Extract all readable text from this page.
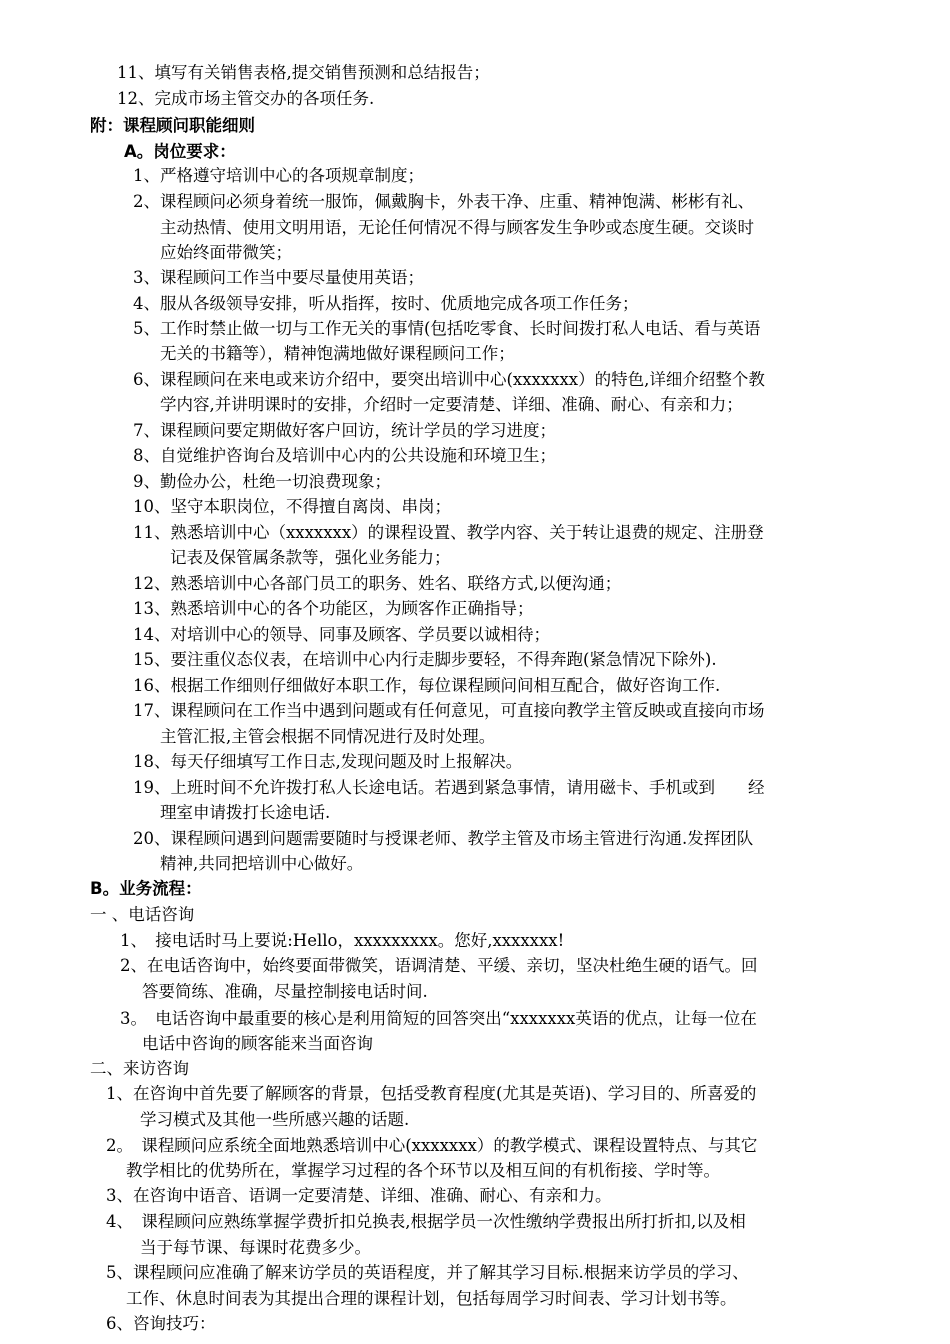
11、填写有关销售表格,提交销售预测和总结报告；
12、完成市场主管交办的各项任务.
附：课程顾问职能细则
A。岗位要求：
1、严格遵守培训中心的各项规章制度；
2、课程顾问必须身着统一服饰，佩戴胸卡，外表干净、庄重、精神饱满、彬彬有礼、
主动热情、使用文明用语，无论任何情况不得与顾客发生争吵或态度生硬。交谈时
应始终面带微笑；
3、课程顾问工作当中要尽量使用英语；
4、服从各级领导安排，听从指挥，按时、优质地完成各项工作任务；
5、工作时禁止做一切与工作无关的事情(包括吃零食、长时间拨打私人电话、看与英语
无关的书籍等），精神饱满地做好课程顾问工作；
6、课程顾问在来电或来访介绍中，要突出培训中心(xxxxxxx）的特色,详细介绍整个教
学内容,并讲明课时的安排，介绍时一定要清楚、详细、准确、耐心、有亲和力；
7、课程顾问要定期做好客户回访，统计学员的学习进度；
8、自觉维护咨询台及培训中心内的公共设施和环境卫生；
9、勤俭办公，杜绝一切浪费现象；
10、坚守本职岗位，不得擅自离岗、串岗；
11、熟悉培训中心（xxxxxxx）的课程设置、教学内容、关于转让退费的规定、注册登
记表及保管属条款等，强化业务能力；
12、熟悉培训中心各部门员工的职务、姓名、联络方式,以便沟通；
13、熟悉培训中心的各个功能区，为顾客作正确指导；
14、对培训中心的领导、同事及顾客、学员要以诚相待；
15、要注重仪态仪表，在培训中心内行走脚步要轻，不得奔跑(紧急情况下除外).
16、根据工作细则仔细做好本职工作，每位课程顾问间相互配合，做好咨询工作.
17、课程顾问在工作当中遇到问题或有任何意见，可直接向教学主管反映或直接向市场
主管汇报,主管会根据不同情况进行及时处理。
18、每天仔细填写工作日志,发现问题及时上报解决。
19、上班时间不允许拨打私人长途电话。若遇到紧急事情，请用磁卡、手机或到　　经
理室申请拨打长途电话.
20、课程顾问遇到问题需要随时与授课老师、教学主管及市场主管进行沟通.发挥团队
精神,共同把培训中心做好。
B。业务流程：
一 、电话咨询
1、　接电话时马上要说:Hello，xxxxxxxxx。您好,xxxxxxx!
2、在电话咨询中，始终要面带微笑，语调清楚、平缓、亲切，坚决杜绝生硬的语气。回
答要简练、准确，尽量控制接电话时间.
3。　电话咨询中最重要的核心是利用简短的回答突出“xxxxxxx英语的优点，让每一位在
电话中咨询的顾客能来当面咨询
二、来访咨询
1、在咨询中首先要了解顾客的背景，包括受教育程度(尤其是英语)、学习目的、所喜爱的
学习模式及其他一些所感兴趣的话题.
2。　课程顾问应系统全面地熟悉培训中心(xxxxxxx）的教学模式、课程设置特点、与其它
教学相比的优势所在，掌握学习过程的各个环节以及相互间的有机衔接、学时等。
3、在咨询中语音、语调一定要清楚、详细、准确、耐心、有亲和力。
4、　课程顾问应熟练掌握学费折扣兑换表,根据学员一次性缴纳学费报出所打折扣,以及相
当于每节课、每课时花费多少。
5、课程顾问应准确了解来访学员的英语程度，并了解其学习目标.根据来访学员的学习、
工作、休息时间表为其提出合理的课程计划，包括每周学习时间表、学习计划书等。
6、咨询技巧：
